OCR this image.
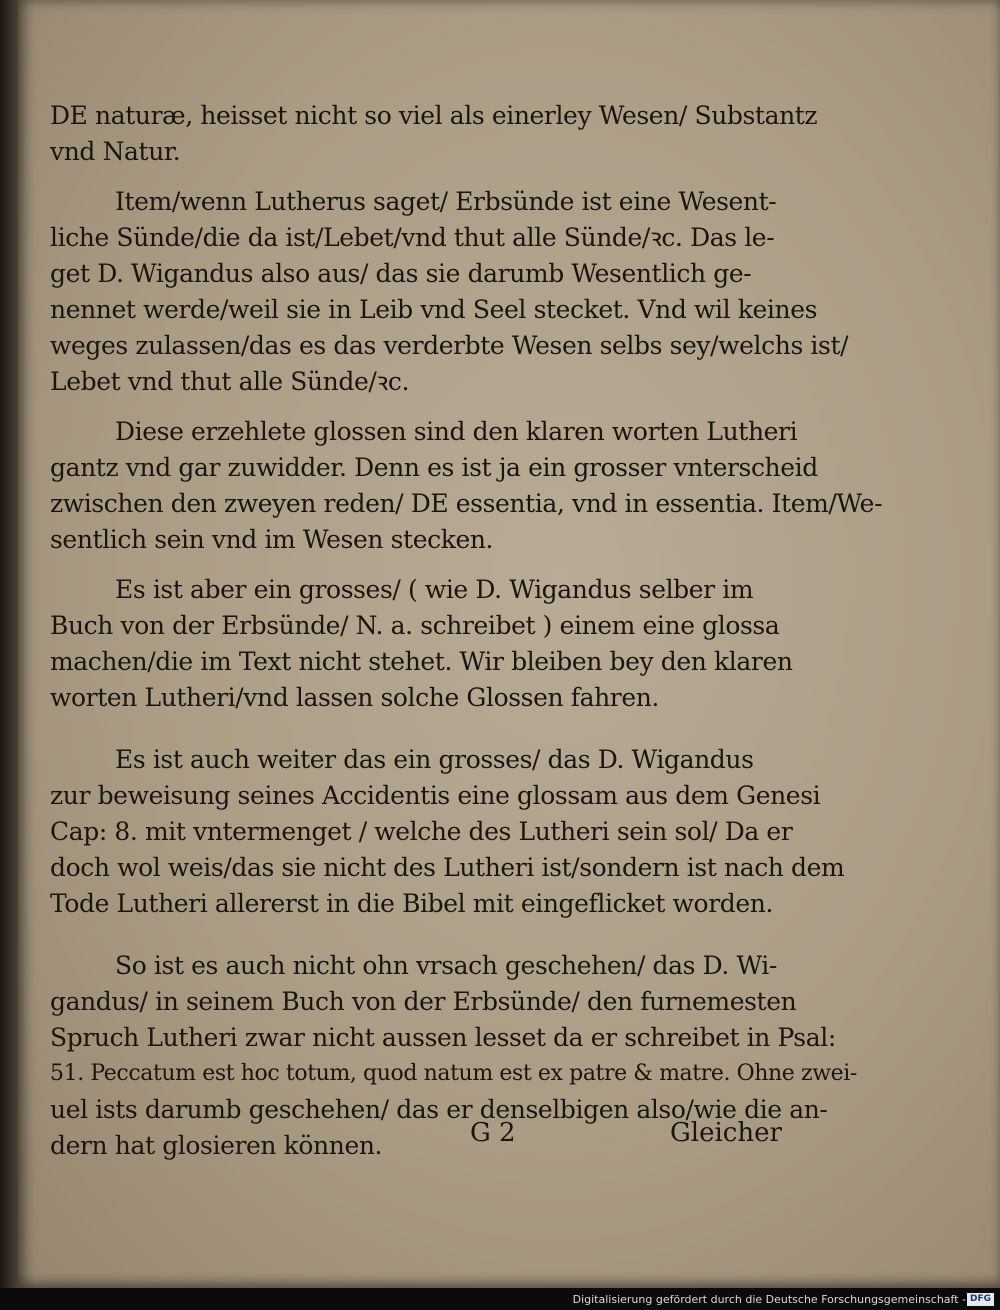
DE naturæ, heisset nicht so viel als einerley Wesen/ Substantz
vnd Natur.
Item/wenn Lutherus saget/ Erbsünde ist eine Wesent-
liche Sünde/die da ist/Lebet/vnd thut alle Sünde/ꝛc. Das le-
get D. Wigandus also aus/ das sie darumb Wesentlich ge-
nennet werde/weil sie in Leib vnd Seel stecket. Vnd wil keines
weges zulassen/das es das verderbte Wesen selbs sey/welchs ist/
Lebet vnd thut alle Sünde/ꝛc.
Diese erzehlete glossen sind den klaren worten Lutheri
gantz vnd gar zuwidder. Denn es ist ja ein grosser vnterscheid
zwischen den zweyen reden/ DE essentia, vnd in essentia. Item/We-
sentlich sein vnd im Wesen stecken.
Es ist aber ein grosses/ ( wie D. Wigandus selber im
Buch von der Erbsünde/ N. a. schreibet ) einem eine glossa
machen/die im Text nicht stehet. Wir bleiben bey den klaren
worten Lutheri/vnd lassen solche Glossen fahren.
Es ist auch weiter das ein grosses/ das D. Wigandus
zur beweisung seines Accidentis eine glossam aus dem Genesi
Cap: 8. mit vntermenget / welche des Lutheri sein sol/ Da er
doch wol weis/das sie nicht des Lutheri ist/sondern ist nach dem
Tode Lutheri allererst in die Bibel mit eingeflicket worden.
So ist es auch nicht ohn vrsach geschehen/ das D. Wi-
gandus/ in seinem Buch von der Erbsünde/ den furnemesten
Spruch Lutheri zwar nicht aussen lesset da er schreibet in Psal:
51. Peccatum est hoc totum, quod natum est ex patre & matre. Ohne zwei-
uel ists darumb geschehen/ das er denselbigen also/wie die an-
dern hat glosieren können.	G 2	Gleicher
Digitalisierung gefördert durch die Deutsche Forschungsgemeinschaft - DFG
